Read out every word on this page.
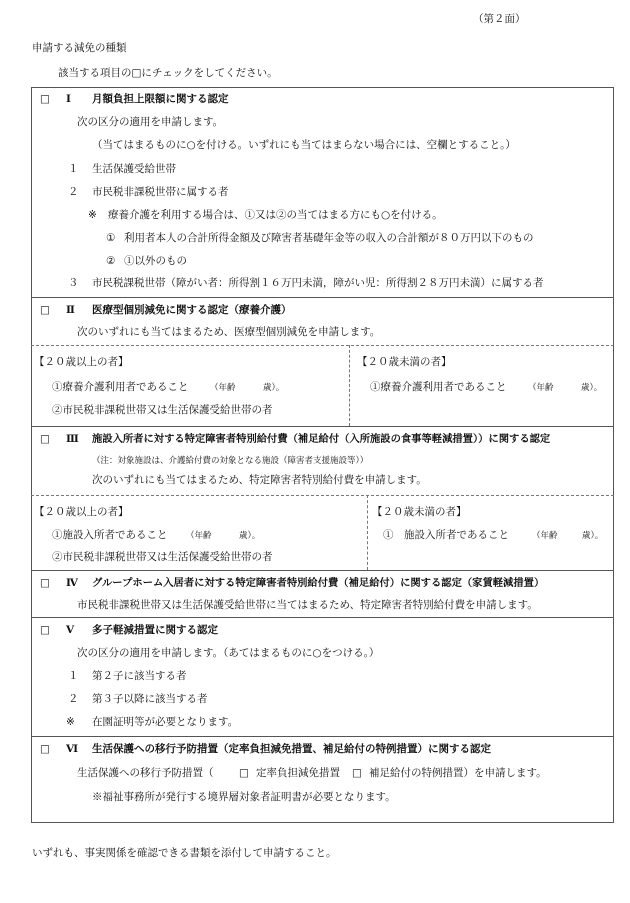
（第２面）
申請する減免の種類
該当する項目の□にチェックをしてください。
□ Ⅰ 月額負担上限額に関する認定
次の区分の適用を申請します。
（当てはまるものに○を付ける。いずれにも当てはまらない場合には、空欄とすること。）
１ 生活保護受給世帯
２ 市民税非課税世帯に属する者
※ 療養介護を利用する場合は、①又は②の当てはまる方にも○を付ける。
① 利用者本人の合計所得金額及び障害者基礎年金等の収入の合計額が８０万円以下のもの
② ①以外のもの
３ 市民税課税世帯（障がい者：所得割１６万円未満，障がい児：所得割２８万円未満）に属する者
□ Ⅱ 医療型個別減免に関する認定（療養介護）
次のいずれにも当てはまるため、医療型個別減免を申請します。
【２０歳以上の者】
①療養介護利用者であること	（年齢	歳）。
②市民税非課税世帯又は生活保護受給世帯の者
【２０歳未満の者】
①療養介護利用者であること	（年齢	歳）。
□ Ⅲ 施設入所者に対する特定障害者特別給付費（補足給付（入所施設の食事等軽減措置））に関する認定
（注：対象施設は、介護給付費の対象となる施設（障害者支援施設等））
次のいずれにも当てはまるため、特定障害者特別給付費を申請します。
【２０歳以上の者】
①施設入所者であること （年齢	歳）。
②市民税非課税世帯又は生活保護受給世帯の者
【２０歳未満の者】
①　施設入所者であること	（年齢	歳）。
□ Ⅳ グループホーム入居者に対する特定障害者特別給付費（補足給付）に関する認定（家賃軽減措置）
市民税非課税世帯又は生活保護受給世帯に当てはまるため、特定障害者特別給付費を申請します。
□ Ⅴ 多子軽減措置に関する認定
次の区分の適用を申請します。（あてはまるものに○をつける。）
１ 第２子に該当する者
２ 第３子以降に該当する者
※ 在園証明等が必要となります。
□ Ⅵ 生活保護への移行予防措置（定率負担減免措置、補足給付の特例措置）に関する認定
生活保護への移行予防措置（ □ 定率負担減免措置 □ 補足給付の特例措置）を申請します。
※福祉事務所が発行する境界層対象者証明書が必要となります。
いずれも、事実関係を確認できる書類を添付して申請すること。
